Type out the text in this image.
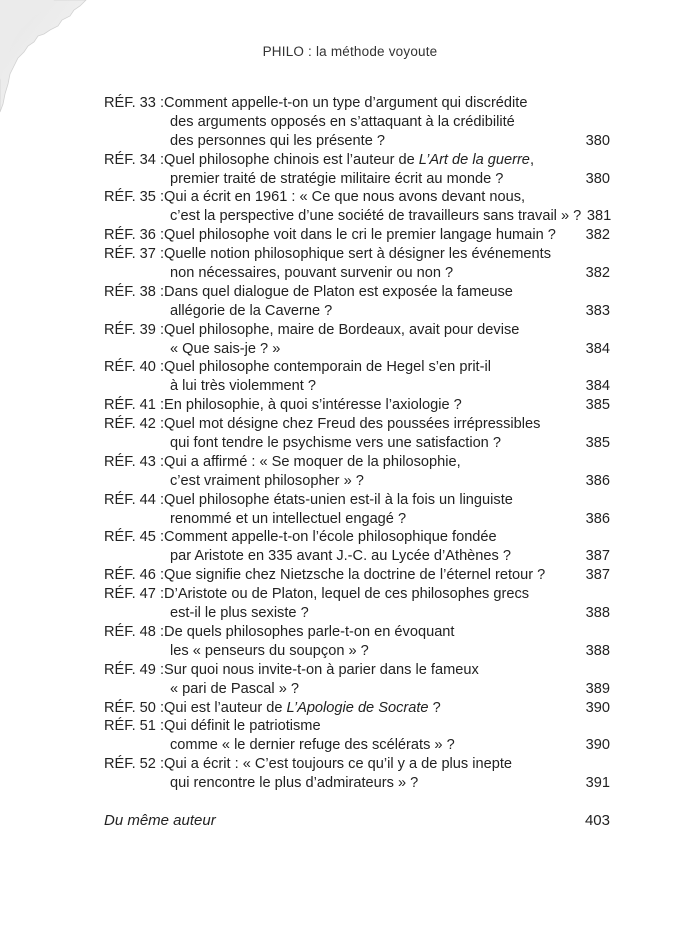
PHILO : la méthode voyoute
RÉF. 33 : Comment appelle-t-on un type d’argument qui discrédite
des arguments opposés en s’attaquant à la crédibilité
des personnes qui les présente ?	380
RÉF. 34 : Quel philosophe chinois est l’auteur de L’Art de la guerre ,
premier traité de stratégie militaire écrit au monde ?	380
RÉF. 35 : Qui a écrit en 1961 : « Ce que nous avons devant nous,
c’est la perspective d’une société de travailleurs sans travail » ? 381
RÉF. 36 : Quel philosophe voit dans le cri le premier langage humain ?	382
RÉF. 37 : Quelle notion philosophique sert à désigner les événements
non nécessaires, pouvant survenir ou non ?	382
RÉF. 38 : Dans quel dialogue de Platon est exposée la fameuse
allégorie de la Caverne ?	383
RÉF. 39 : Quel philosophe, maire de Bordeaux, avait pour devise
« Que sais-je ? »	384
RÉF. 40 : Quel philosophe contemporain de Hegel s’en prit-il
à lui très violemment ?	384
RÉF. 41 : En philosophie, à quoi s’intéresse l’axiologie ?	385
RÉF. 42 : Quel mot désigne chez Freud des poussées irrépressibles
qui font tendre le psychisme vers une satisfaction ?	385
RÉF. 43 : Qui a affirmé : « Se moquer de la philosophie,
c’est vraiment philosopher » ?	386
RÉF. 44 : Quel philosophe états-unien est-il à la fois un linguiste
renommé et un intellectuel engagé ?	386
RÉF. 45 : Comment appelle-t-on l’école philosophique fondée
par Aristote en 335 avant J.-C. au Lycée d’Athènes ?	387
RÉF. 46 : Que signifie chez Nietzsche la doctrine de l’éternel retour ?	387
RÉF. 47 : D’Aristote ou de Platon, lequel de ces philosophes grecs
est-il le plus sexiste ?	388
RÉF. 48 : De quels philosophes parle-t-on en évoquant
les « penseurs du soupçon » ?	388
RÉF. 49 : Sur quoi nous invite-t-on à parier dans le fameux
« pari de Pascal » ?	389
RÉF. 50 : Qui est l’auteur de L’Apologie de Socrate ?	390
RÉF. 51 : Qui définit le patriotisme
comme « le dernier refuge des scélérats » ?	390
RÉF. 52 : Qui a écrit : « C’est toujours ce qu’il y a de plus inepte
qui rencontre le plus d’admirateurs » ?	391
Du même auteur	403
